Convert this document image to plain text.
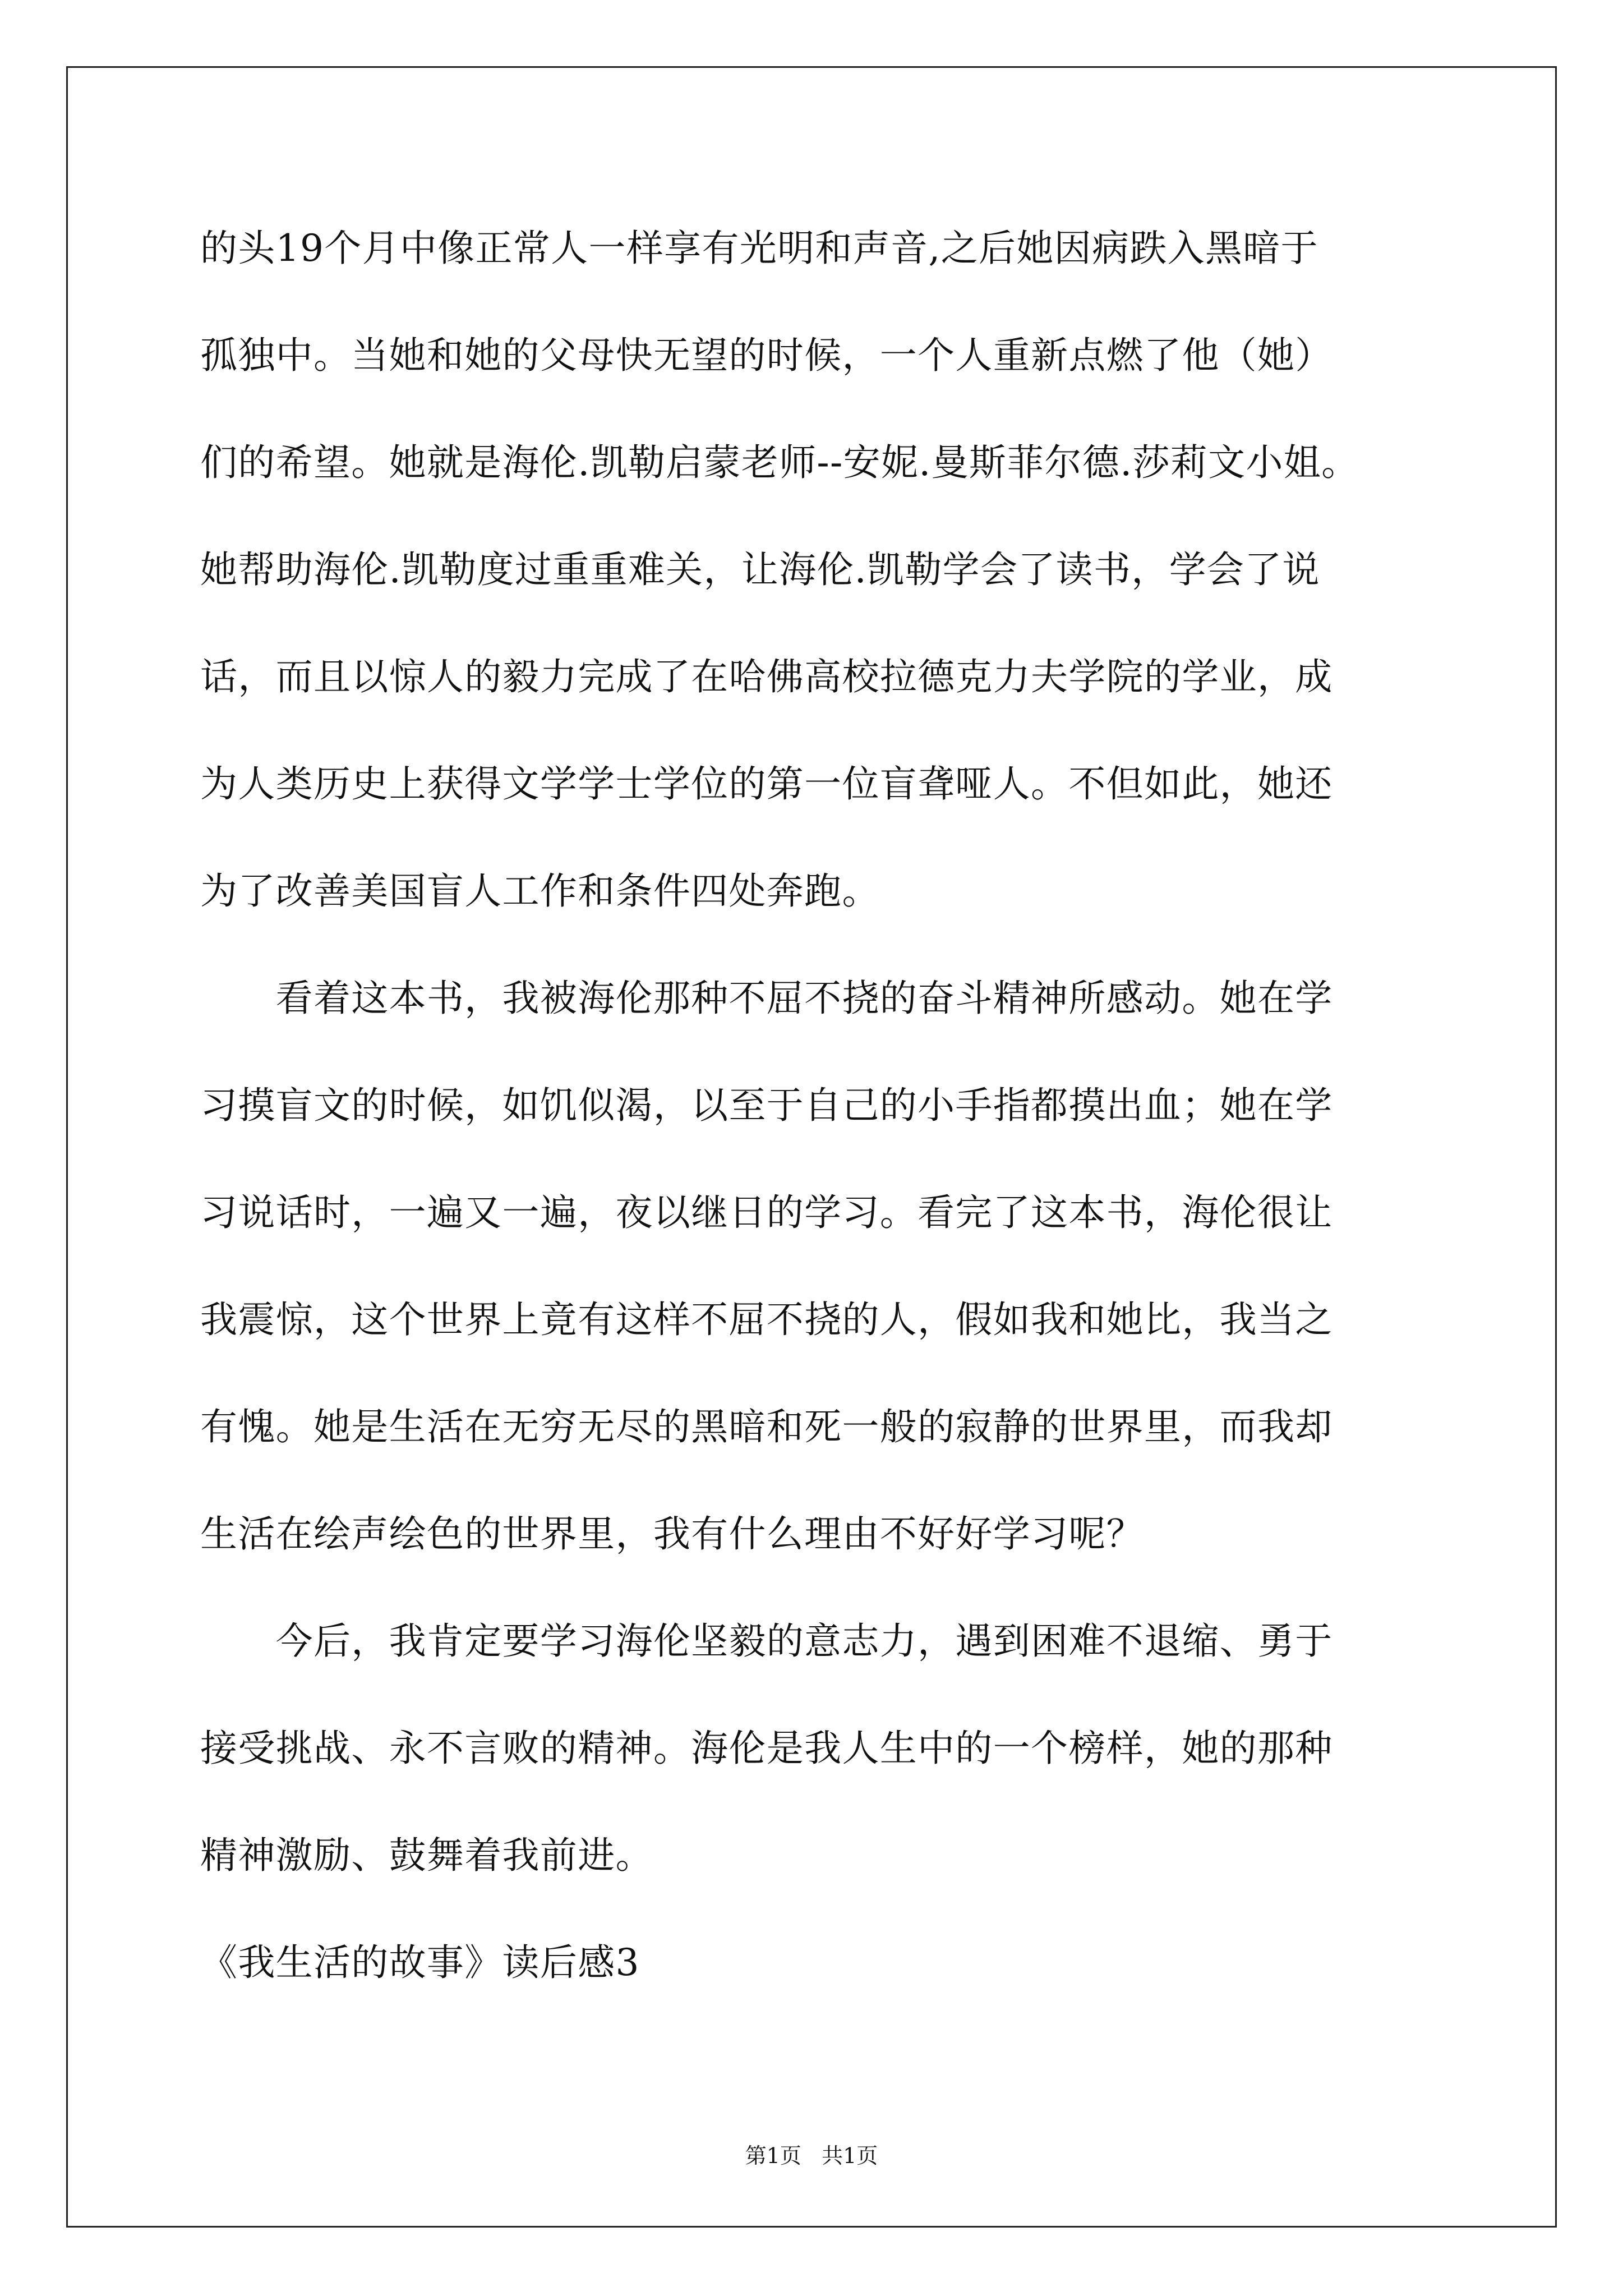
的头19个月中像正常人一样享有光明和声音,之后她因病跌入黑暗于
孤独中。当她和她的父母快无望的时候，一个人重新点燃了他（她）
们的希望。她就是海伦.凯勒启蒙老师--安妮.曼斯菲尔德.莎莉文小姐。
她帮助海伦.凯勒度过重重难关，让海伦.凯勒学会了读书，学会了说
话，而且以惊人的毅力完成了在哈佛高校拉德克力夫学院的学业，成
为人类历史上获得文学学士学位的第一位盲聋哑人。不但如此，她还
为了改善美国盲人工作和条件四处奔跑。
　　看着这本书，我被海伦那种不屈不挠的奋斗精神所感动。她在学
习摸盲文的时候，如饥似渴，以至于自己的小手指都摸出血；她在学
习说话时，一遍又一遍，夜以继日的学习。看完了这本书，海伦很让
我震惊，这个世界上竟有这样不屈不挠的人，假如我和她比，我当之
有愧。她是生活在无穷无尽的黑暗和死一般的寂静的世界里，而我却
生活在绘声绘色的世界里，我有什么理由不好好学习呢？
　　今后，我肯定要学习海伦坚毅的意志力，遇到困难不退缩、勇于
接受挑战、永不言败的精神。海伦是我人生中的一个榜样，她的那种
精神激励、鼓舞着我前进。
《我生活的故事》读后感3
第1页   共1页
